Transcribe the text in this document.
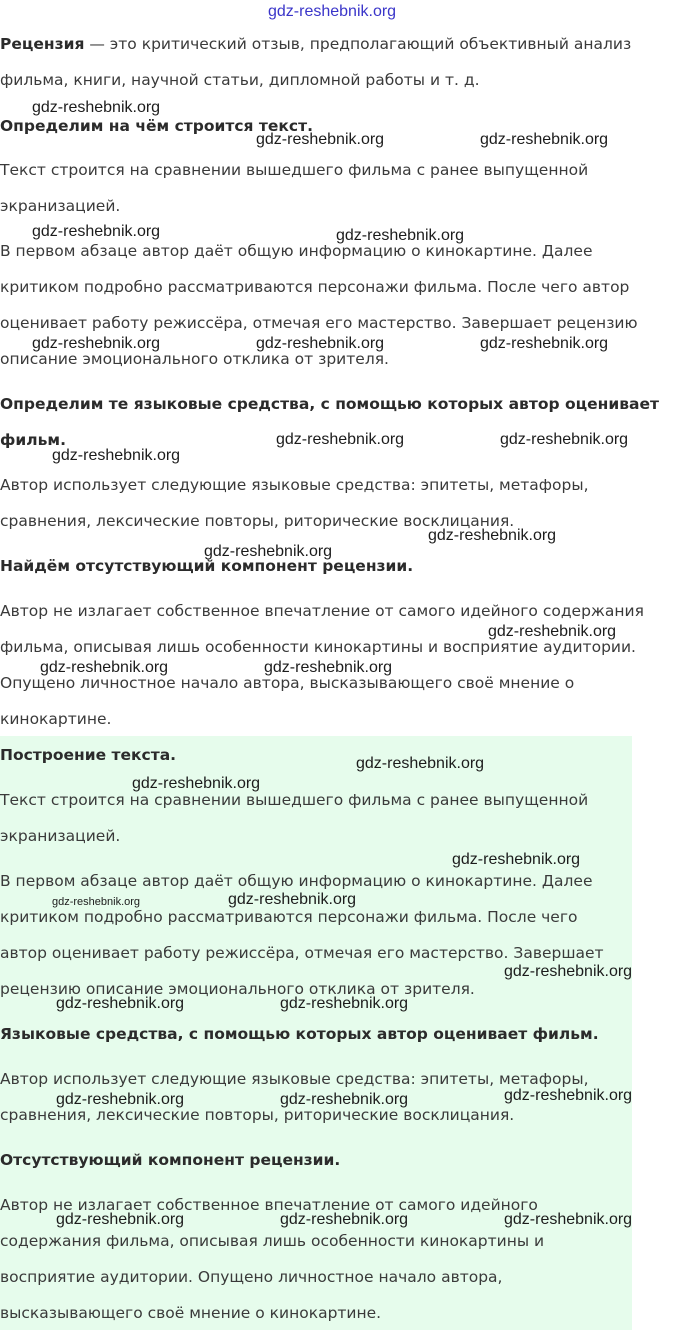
Рецензия — это критический отзыв, предполагающий объективный анализ

фильма, книги, научной статьи, дипломной работы и т. д.

Определим на чём строится текст.

Текст строится на сравнении вышедшего фильма с ранее выпущенной

экранизацией.

В первом абзаце автор даёт общую информацию о кинокартине. Далее

критиком подробно рассматриваются персонажи фильма. После чего автор

оценивает работу режиссёра, отмечая его мастерство. Завершает рецензию

описание эмоционального отклика от зрителя.

Определим те языковые средства, с помощью которых автор оценивает

фильм.

Автор использует следующие языковые средства: эпитеты, метафоры,

сравнения, лексические повторы, риторические восклицания.

Найдём отсутствующий компонент рецензии.

Автор не излагает собственное впечатление от самого идейного содержания

фильма, описывая лишь особенности кинокартины и восприятие аудитории.

Опущено личностное начало автора, высказывающего своё мнение о

кинокартине.

Построение текста.

Текст строится на сравнении вышедшего фильма с ранее выпущенной

экранизацией.

В первом абзаце автор даёт общую информацию о кинокартине. Далее

критиком подробно рассматриваются персонажи фильма. После чего

автор оценивает работу режиссёра, отмечая его мастерство. Завершает

рецензию описание эмоционального отклика от зрителя.

Языковые средства, с помощью которых автор оценивает фильм.

Автор использует следующие языковые средства: эпитеты, метафоры,

сравнения, лексические повторы, риторические восклицания.

Отсутствующий компонент рецензии.

Автор не излагает собственное впечатление от самого идейного

содержания фильма, описывая лишь особенности кинокартины и

восприятие аудитории. Опущено личностное начало автора,

высказывающего своё мнение о кинокартине.

gdz-reshebnik.org
gdz-reshebnik.org
gdz-reshebnik.org	gdz-reshebnik.org
gdz-reshebnik.org	gdz-reshebnik.org
gdz-reshebnik.org	gdz-reshebnik.org	gdz-reshebnik.org
gdz-reshebnik.org	gdz-reshebnik.org
gdz-reshebnik.org
gdz-reshebnik.org
gdz-reshebnik.org
gdz-reshebnik.org
gdz-reshebnik.org	gdz-reshebnik.org
gdz-reshebnik.org
gdz-reshebnik.org
gdz-reshebnik.org
gdz-reshebnik.org	gdz-reshebnik.org
gdz-reshebnik.org
gdz-reshebnik.org	gdz-reshebnik.org
gdz-reshebnik.org
gdz-reshebnik.org	gdz-reshebnik.org
gdz-reshebnik.org	gdz-reshebnik.org	gdz-reshebnik.org
